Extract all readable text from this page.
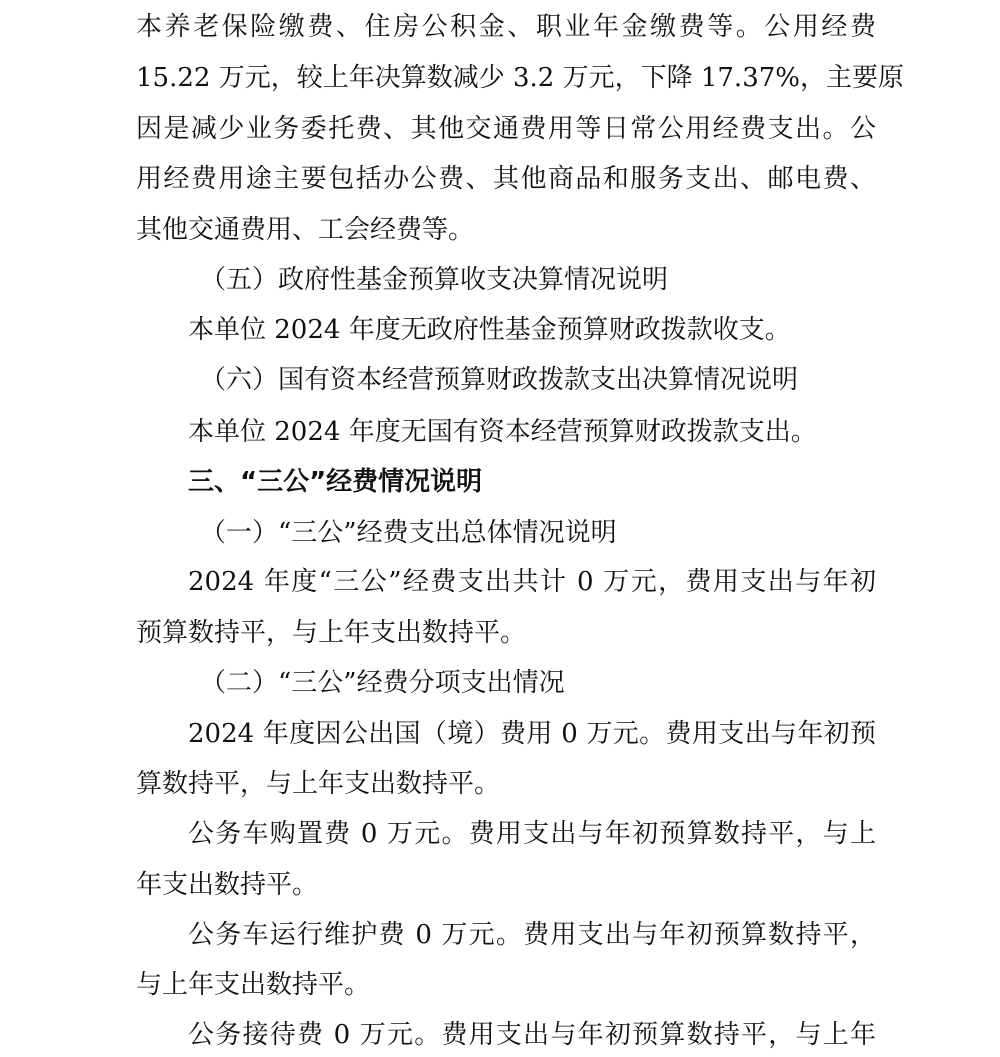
本养老保险缴费、住房公积金、职业年金缴费等。公用经费
15.22 万元，较上年决算数减少 3.2 万元，下降 17.37%，主要原
因是减少业务委托费、其他交通费用等日常公用经费支出。公
用经费用途主要包括办公费、其他商品和服务支出、邮电费、
其他交通费用、工会经费等。
（五）政府性基金预算收支决算情况说明
本单位 2024 年度无政府性基金预算财政拨款收支。
（六）国有资本经营预算财政拨款支出决算情况说明
本单位 2024 年度无国有资本经营预算财政拨款支出。
三、“三公”经费情况说明
（一）“三公”经费支出总体情况说明
2024 年度“三公”经费支出共计 0 万元，费用支出与年初
预算数持平，与上年支出数持平。
（二）“三公”经费分项支出情况
2024 年度因公出国（境）费用 0 万元。费用支出与年初预
算数持平，与上年支出数持平。
公务车购置费 0 万元。费用支出与年初预算数持平，与上
年支出数持平。
公务车运行维护费 0 万元。费用支出与年初预算数持平，
与上年支出数持平。
公务接待费 0 万元。费用支出与年初预算数持平，与上年
